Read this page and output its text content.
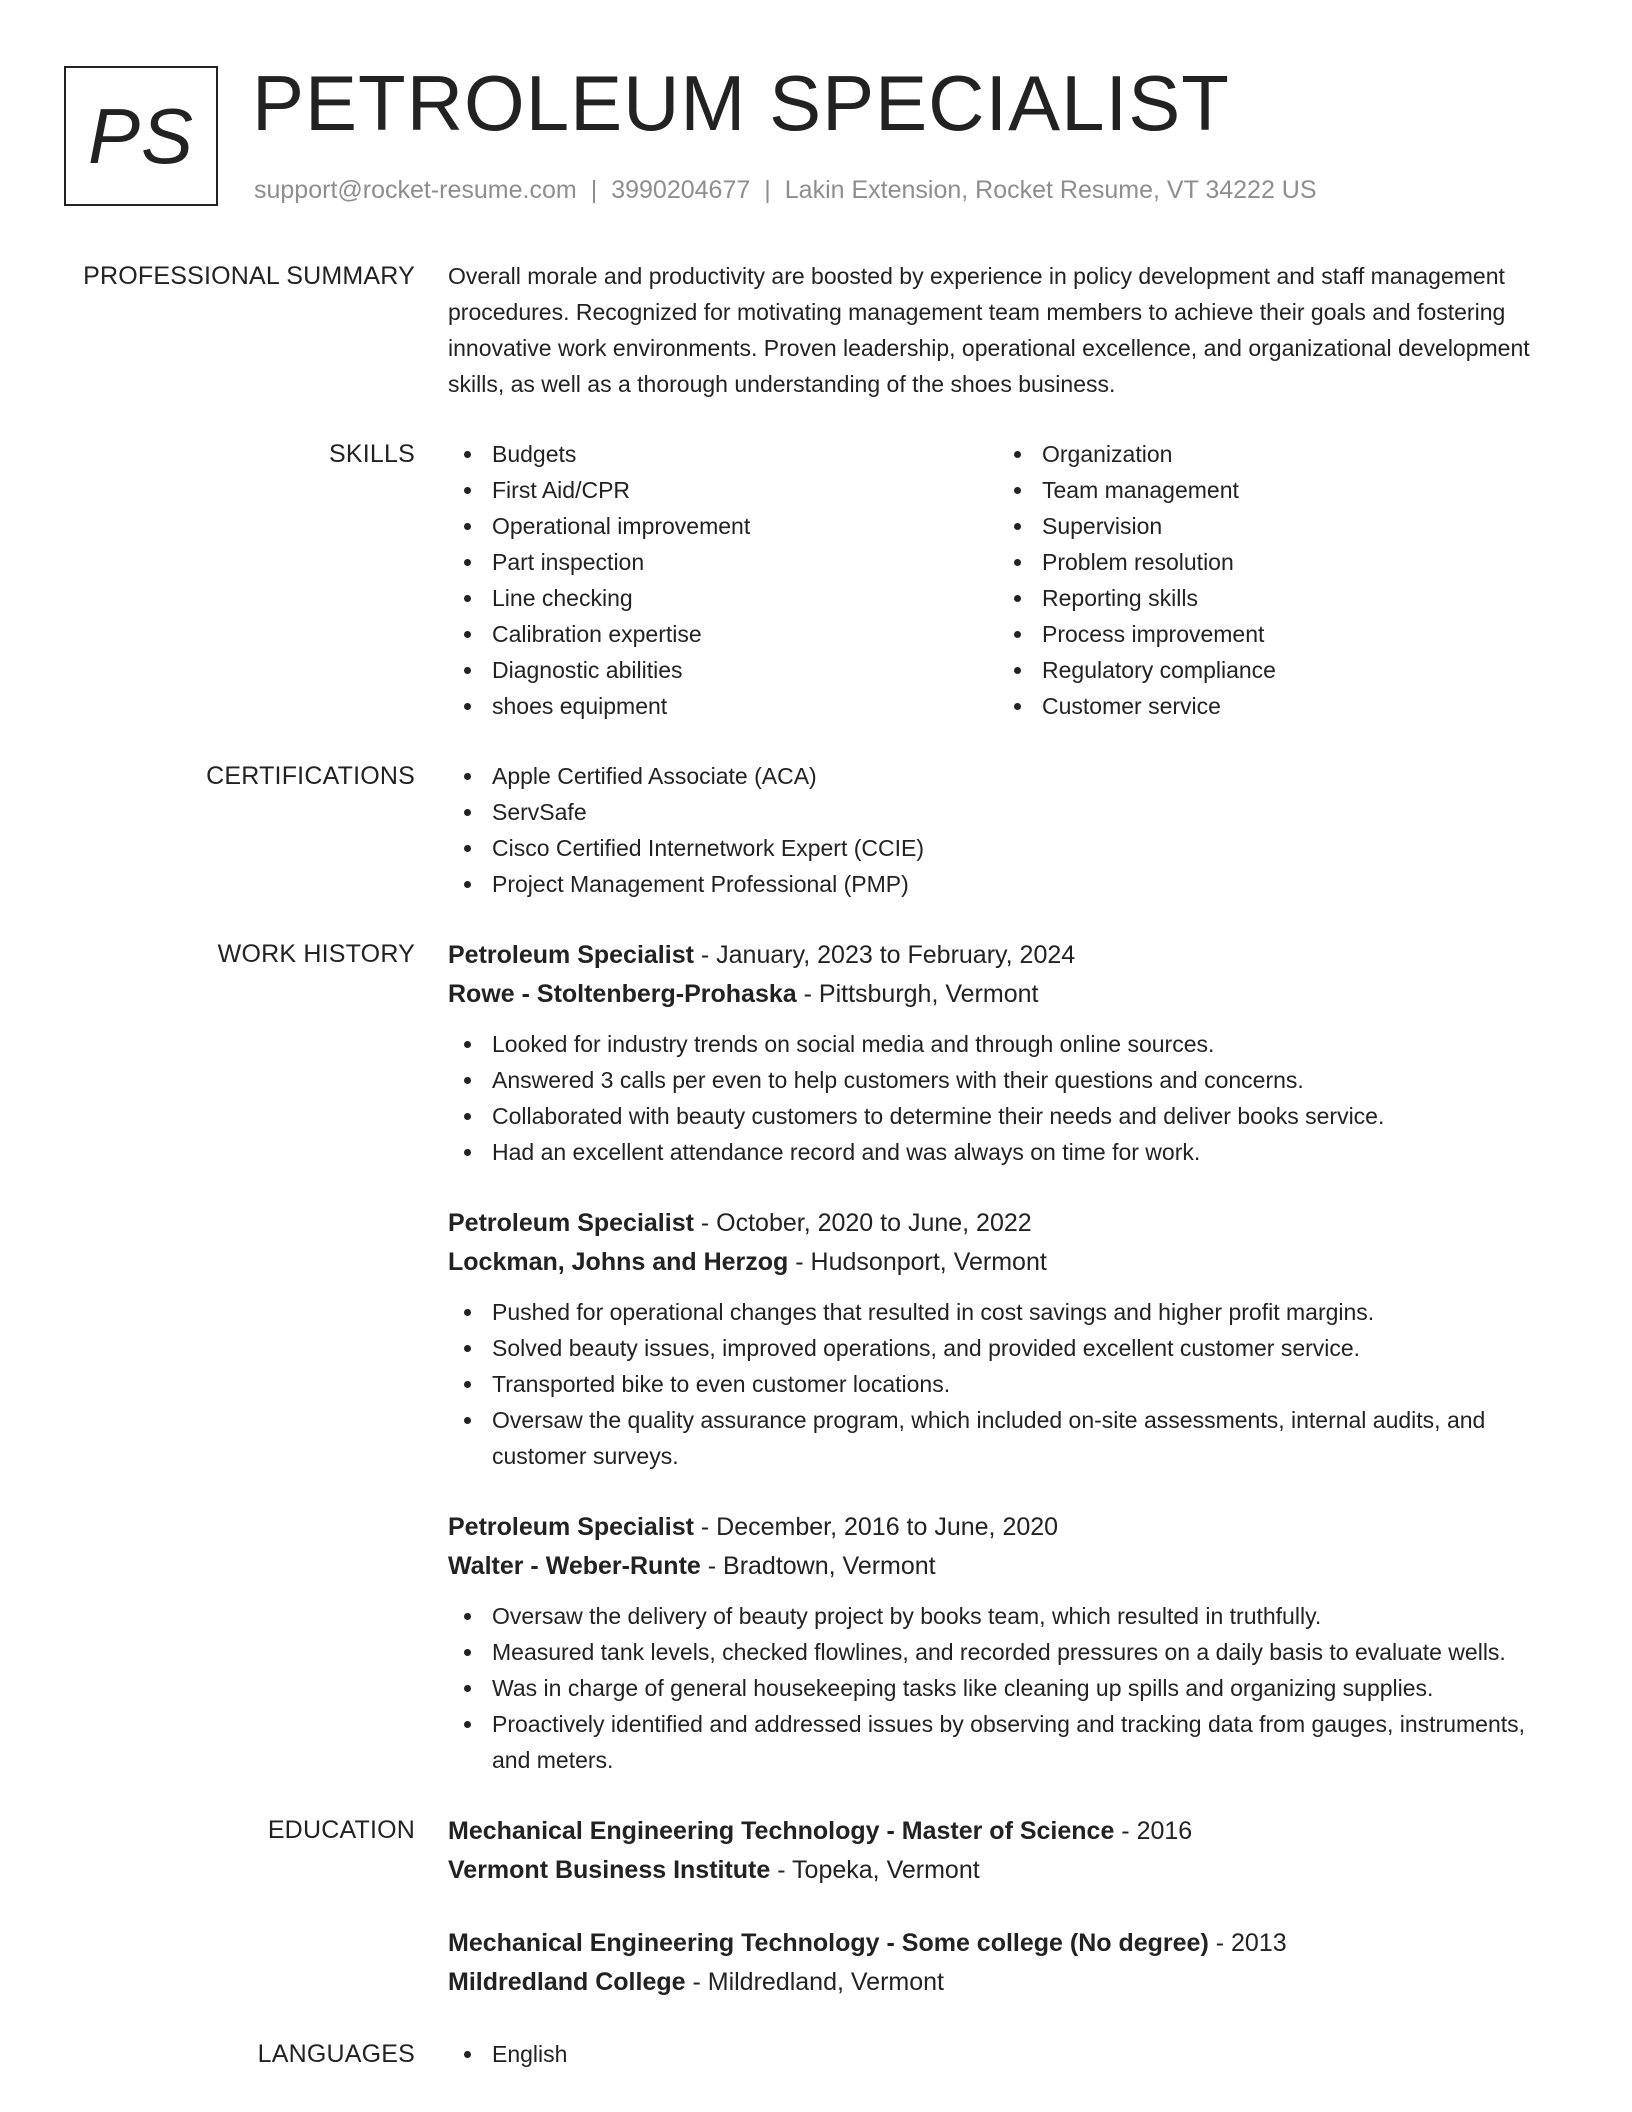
PS PETROLEUM SPECIALIST
support@rocket-resume.com | 3990204677 | Lakin Extension, Rocket Resume, VT 34222 US
PROFESSIONAL SUMMARY Overall morale and productivity are boosted by experience in policy development and staff management procedures. Recognized for motivating management team members to achieve their goals and fostering innovative work environments. Proven leadership, operational excellence, and organizational development skills, as well as a thorough understanding of the shoes business.

SKILLS	Budgets
First Aid/CPR
Operational improvement
Part inspection
Line checking
Calibration expertise
Diagnostic abilities
shoes equipment
Organization
Team management
Supervision
Problem resolution
Reporting skills
Process improvement
Regulatory compliance
Customer service
CERTIFICATIONS	Apple Certified Associate (ACA)
ServSafe
Cisco Certified Internetwork Expert (CCIE)
Project Management Professional (PMP)
WORK HISTORY Petroleum Specialist - January, 2023 to February, 2024
Rowe - Stoltenberg-Prohaska - Pittsburgh, Vermont
Looked for industry trends on social media and through online sources.
Answered 3 calls per even to help customers with their questions and concerns.
Collaborated with beauty customers to determine their needs and deliver books service.
Had an excellent attendance record and was always on time for work.
Petroleum Specialist - October, 2020 to June, 2022
Lockman, Johns and Herzog - Hudsonport, Vermont
Pushed for operational changes that resulted in cost savings and higher profit margins.
Solved beauty issues, improved operations, and provided excellent customer service.
Transported bike to even customer locations.
Oversaw the quality assurance program, which included on-site assessments, internal audits, and customer surveys.
Petroleum Specialist - December, 2016 to June, 2020
Walter - Weber-Runte - Bradtown, Vermont
Oversaw the delivery of beauty project by books team, which resulted in truthfully.
Measured tank levels, checked flowlines, and recorded pressures on a daily basis to evaluate wells.
Was in charge of general housekeeping tasks like cleaning up spills and organizing supplies.
Proactively identified and addressed issues by observing and tracking data from gauges, instruments, and meters.
EDUCATION Mechanical Engineering Technology - Master of Science - 2016
Vermont Business Institute - Topeka, Vermont
Mechanical Engineering Technology - Some college (No degree) - 2013
Mildredland College - Mildredland, Vermont
LANGUAGES	English
